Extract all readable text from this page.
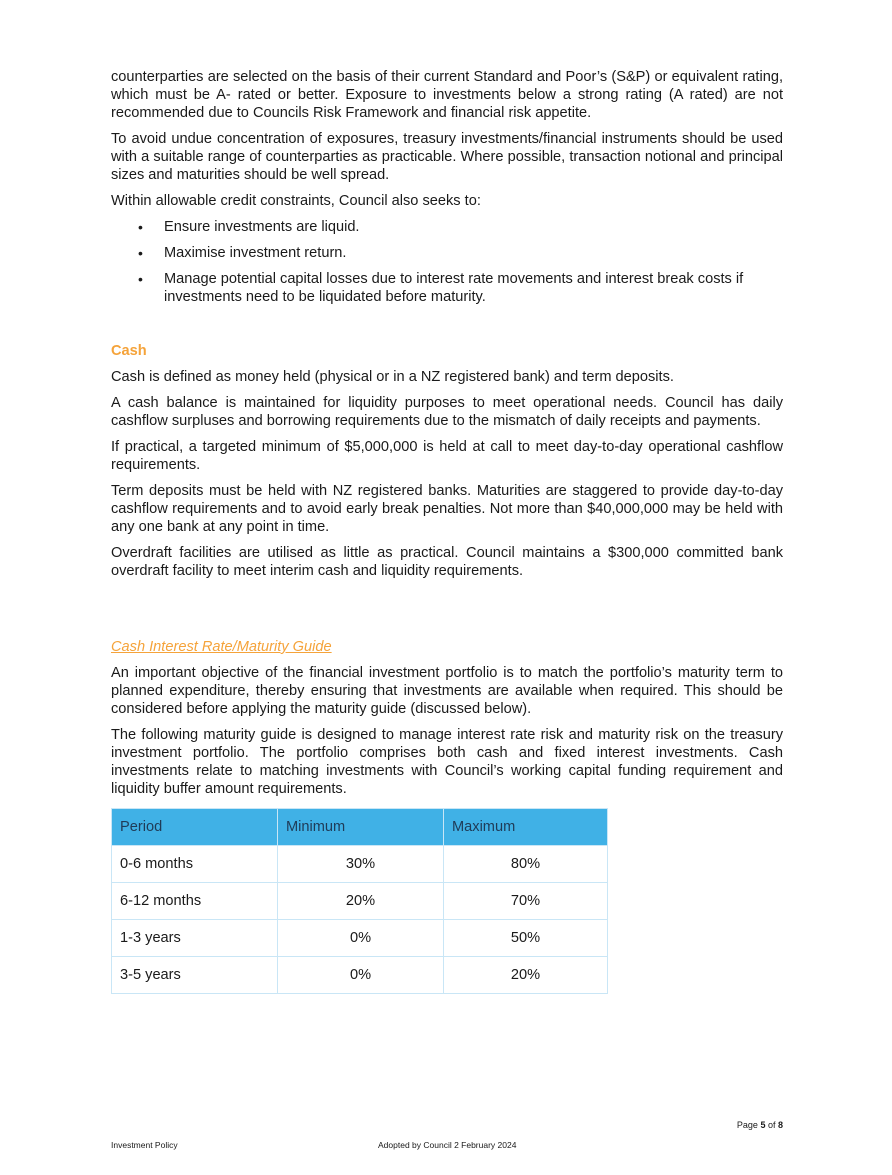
counterparties are selected on the basis of their current Standard and Poor’s (S&P) or equivalent rating, which must be A- rated or better. Exposure to investments below a strong rating (A rated) are not recommended due to Councils Risk Framework and financial risk appetite.

To avoid undue concentration of exposures, treasury investments/financial instruments should be used with a suitable range of counterparties as practicable. Where possible, transaction notional and principal sizes and maturities should be well spread.

Within allowable credit constraints, Council also seeks to:

• Ensure investments are liquid.
• Maximise investment return.
• Manage potential capital losses due to interest rate movements and interest break costs if investments need to be liquidated before maturity.
Cash

Cash is defined as money held (physical or in a NZ registered bank) and term deposits.

A cash balance is maintained for liquidity purposes to meet operational needs. Council has daily cashflow surpluses and borrowing requirements due to the mismatch of daily receipts and payments.

If practical, a targeted minimum of $5,000,000 is held at call to meet day-to-day operational cashflow requirements.

Term deposits must be held with NZ registered banks. Maturities are staggered to provide day-to-day cashflow requirements and to avoid early break penalties. Not more than $40,000,000 may be held with any one bank at any point in time.

Overdraft facilities are utilised as little as practical. Council maintains a $300,000 committed bank overdraft facility to meet interim cash and liquidity requirements.

Cash Interest Rate/Maturity Guide

An important objective of the financial investment portfolio is to match the portfolio’s maturity term to planned expenditure, thereby ensuring that investments are available when required. This should be considered before applying the maturity guide (discussed below).

The following maturity guide is designed to manage interest rate risk and maturity risk on the treasury investment portfolio. The portfolio comprises both cash and fixed interest investments. Cash investments relate to matching investments with Council’s working capital funding requirement and liquidity buffer amount requirements.

Period	Minimum	Maximum
0-6 months	30%	80%
6-12 months	20%	70%
1-3 years	0%	50%
3-5 years	0%	20%
Page 5 of 8
Investment Policy	Adopted by Council 2 February 2024
